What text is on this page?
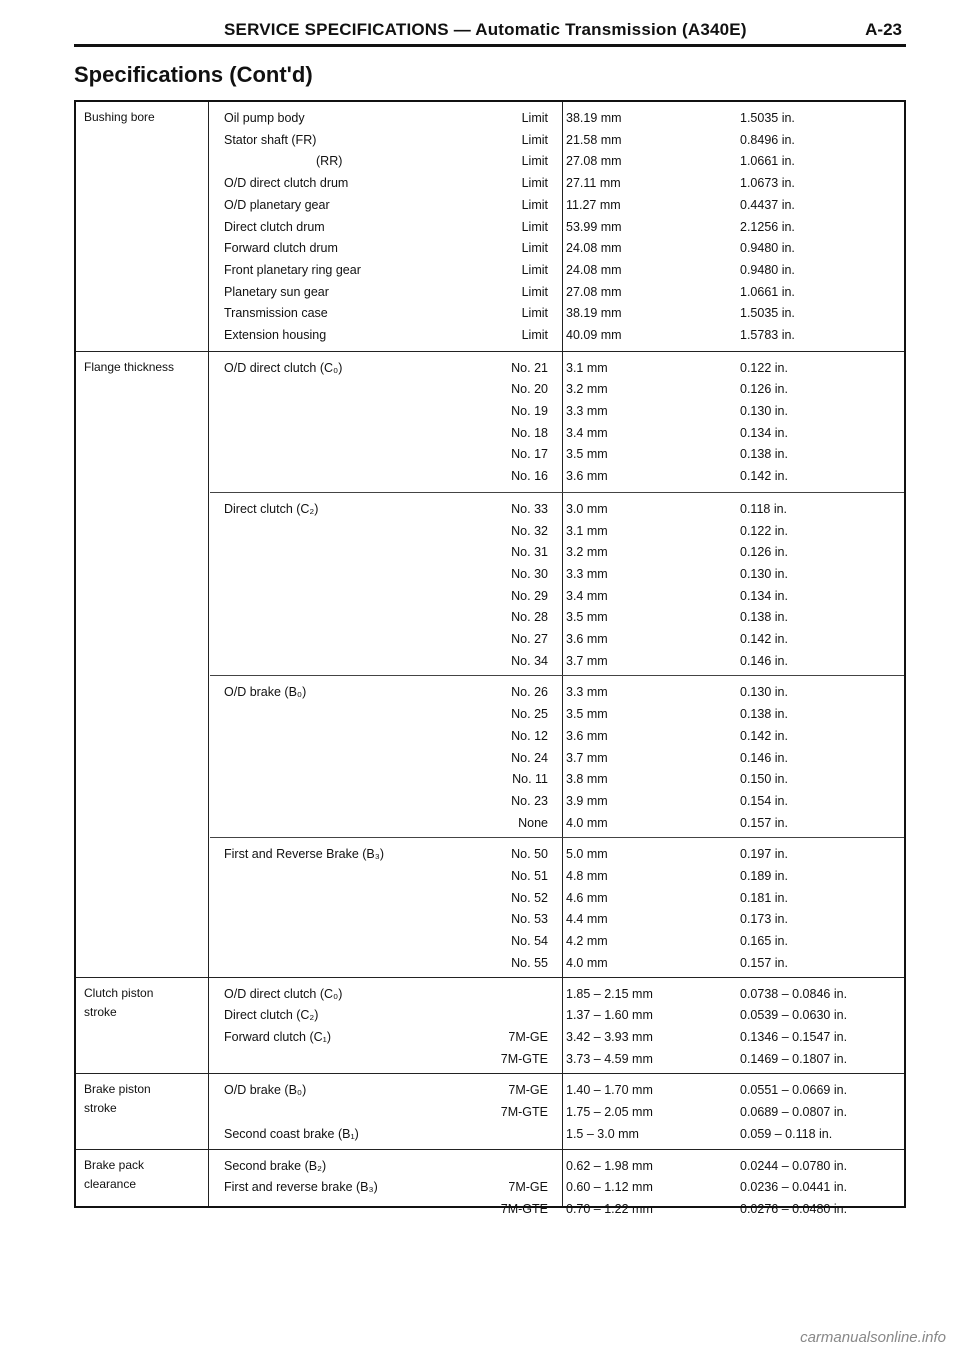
SERVICE SPECIFICATIONS — Automatic Transmission (A340E)	A-23
Specifications (Cont'd)
Bushing bore	Oil pump body	Limit 38.19 mm	1.5035 in.
Stator shaft (FR)	Limit 21.58 mm	0.8496 in.
(RR)	Limit 27.08 mm	1.0661 in.
O/D direct clutch drum	Limit 27.11 mm	1.0673 in.
O/D planetary gear	Limit 11.27 mm	0.4437 in.
Direct clutch drum	Limit 53.99 mm	2.1256 in.
Forward clutch drum	Limit 24.08 mm	0.9480 in.
Front planetary ring gear	Limit 24.08 mm	0.9480 in.
Planetary sun gear	Limit 27.08 mm	1.0661 in.
Transmission case	Limit 38.19 mm	1.5035 in.
Extension housing	Limit 40.09 mm	1.5783 in.
Flange thickness	O/D direct clutch (C₀)	No. 21 3.1 mm	0.122 in.
No. 20 3.2 mm	0.126 in.
No. 19 3.3 mm	0.130 in.
No. 18 3.4 mm	0.134 in.
No. 17 3.5 mm	0.138 in.
No. 16 3.6 mm	0.142 in.
Direct clutch (C₂)	No. 33 3.0 mm	0.118 in.
No. 32 3.1 mm	0.122 in.
No. 31 3.2 mm	0.126 in.
No. 30 3.3 mm	0.130 in.
No. 29 3.4 mm	0.134 in.
No. 28 3.5 mm	0.138 in.
No. 27 3.6 mm	0.142 in.
No. 34 3.7 mm	0.146 in.
O/D brake (B₀)	No. 26 3.3 mm	0.130 in.
No. 25 3.5 mm	0.138 in.
No. 12 3.6 mm	0.142 in.
No. 24 3.7 mm	0.146 in.
No. 11 3.8 mm	0.150 in.
No. 23 3.9 mm	0.154 in.
None 4.0 mm	0.157 in.
First and Reverse Brake (B₃)	No. 50 5.0 mm	0.197 in.
No. 51 4.8 mm	0.189 in.
No. 52 4.6 mm	0.181 in.
No. 53 4.4 mm	0.173 in.
No. 54 4.2 mm	0.165 in.
No. 55 4.0 mm	0.157 in.
Clutch piston
stroke
O/D direct clutch (C₀)	1.85 – 2.15 mm	0.0738 – 0.0846 in.
Direct clutch (C₂)	1.37 – 1.60 mm	0.0539 – 0.0630 in.
Forward clutch (C₁)	7M-GE 3.42 – 3.93 mm	0.1346 – 0.1547 in.
7M-GTE 3.73 – 4.59 mm	0.1469 – 0.1807 in.
Brake piston
stroke
O/D brake (B₀)	7M-GE 1.40 – 1.70 mm	0.0551 – 0.0669 in.
7M-GTE 1.75 – 2.05 mm	0.0689 – 0.0807 in.
Second coast brake (B₁)	1.5 – 3.0 mm	0.059 – 0.118 in.
Brake pack
clearance
Second brake (B₂)	0.62 – 1.98 mm	0.0244 – 0.0780 in.
First and reverse brake (B₃)	7M-GE 0.60 – 1.12 mm	0.0236 – 0.0441 in.
7M-GTE 0.70 – 1.22 mm	0.0276 – 0.0480 in.
carmanualsonline.info
